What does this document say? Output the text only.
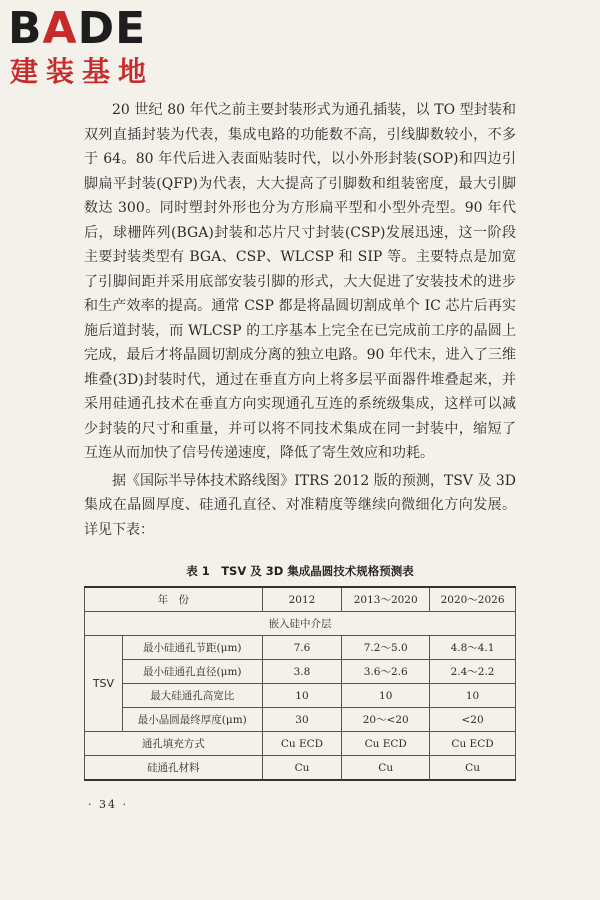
BADE
建装基地

20 世纪 80 年代之前主要封装形式为通孔插装，以 TO 型封装和双列直插封装为代表，集成电路的功能数不高，引线脚数较小，不多于 64。80 年代后进入表面贴装时代，以小外形封装(SOP)和四边引脚扁平封装(QFP)为代表，大大提高了引脚数和组装密度，最大引脚数达 300。同时塑封外形也分为方形扁平型和小型外壳型。90 年代后，球栅阵列(BGA)封装和芯片尺寸封装(CSP)发展迅速，这一阶段主要封装类型有 BGA、CSP、WLCSP 和 SIP 等。主要特点是加宽了引脚间距并采用底部安装引脚的形式，大大促进了安装技术的进步和生产效率的提高。通常 CSP 都是将晶圆切割成单个 IC 芯片后再实施后道封装，而 WLCSP 的工序基本上完全在已完成前工序的晶圆上完成，最后才将晶圆切割成分离的独立电路。90 年代末，进入了三维堆叠(3D)封装时代，通过在垂直方向上将多层平面器件堆叠起来，并采用硅通孔技术在垂直方向实现通孔互连的系统级集成，这样可以减少封装的尺寸和重量，并可以将不同技术集成在同一封装中，缩短了互连从而加快了信号传递速度，降低了寄生效应和功耗。

据《国际半导体技术路线图》ITRS 2012 版的预测，TSV 及 3D 集成在晶圆厚度、硅通孔直径、对准精度等继续向微细化方向发展。详见下表：

表 1　TSV 及 3D 集成晶圆技术规格预测表
年　份		2012	2013～2020	2020～2026
嵌入硅中介层				
TSV	最小硅通孔节距(μm)	7.6	7.2～5.0	4.8～4.1
	最小硅通孔直径(μm)	3.8	3.6～2.6	2.4～2.2
	最大硅通孔高宽比	10	10	10
	最小晶圆最终厚度(μm)	30	20～<20	<20
通孔填充方式		Cu ECD	Cu ECD	Cu ECD
硅通孔材料		Cu	Cu	Cu
· 34 ·
